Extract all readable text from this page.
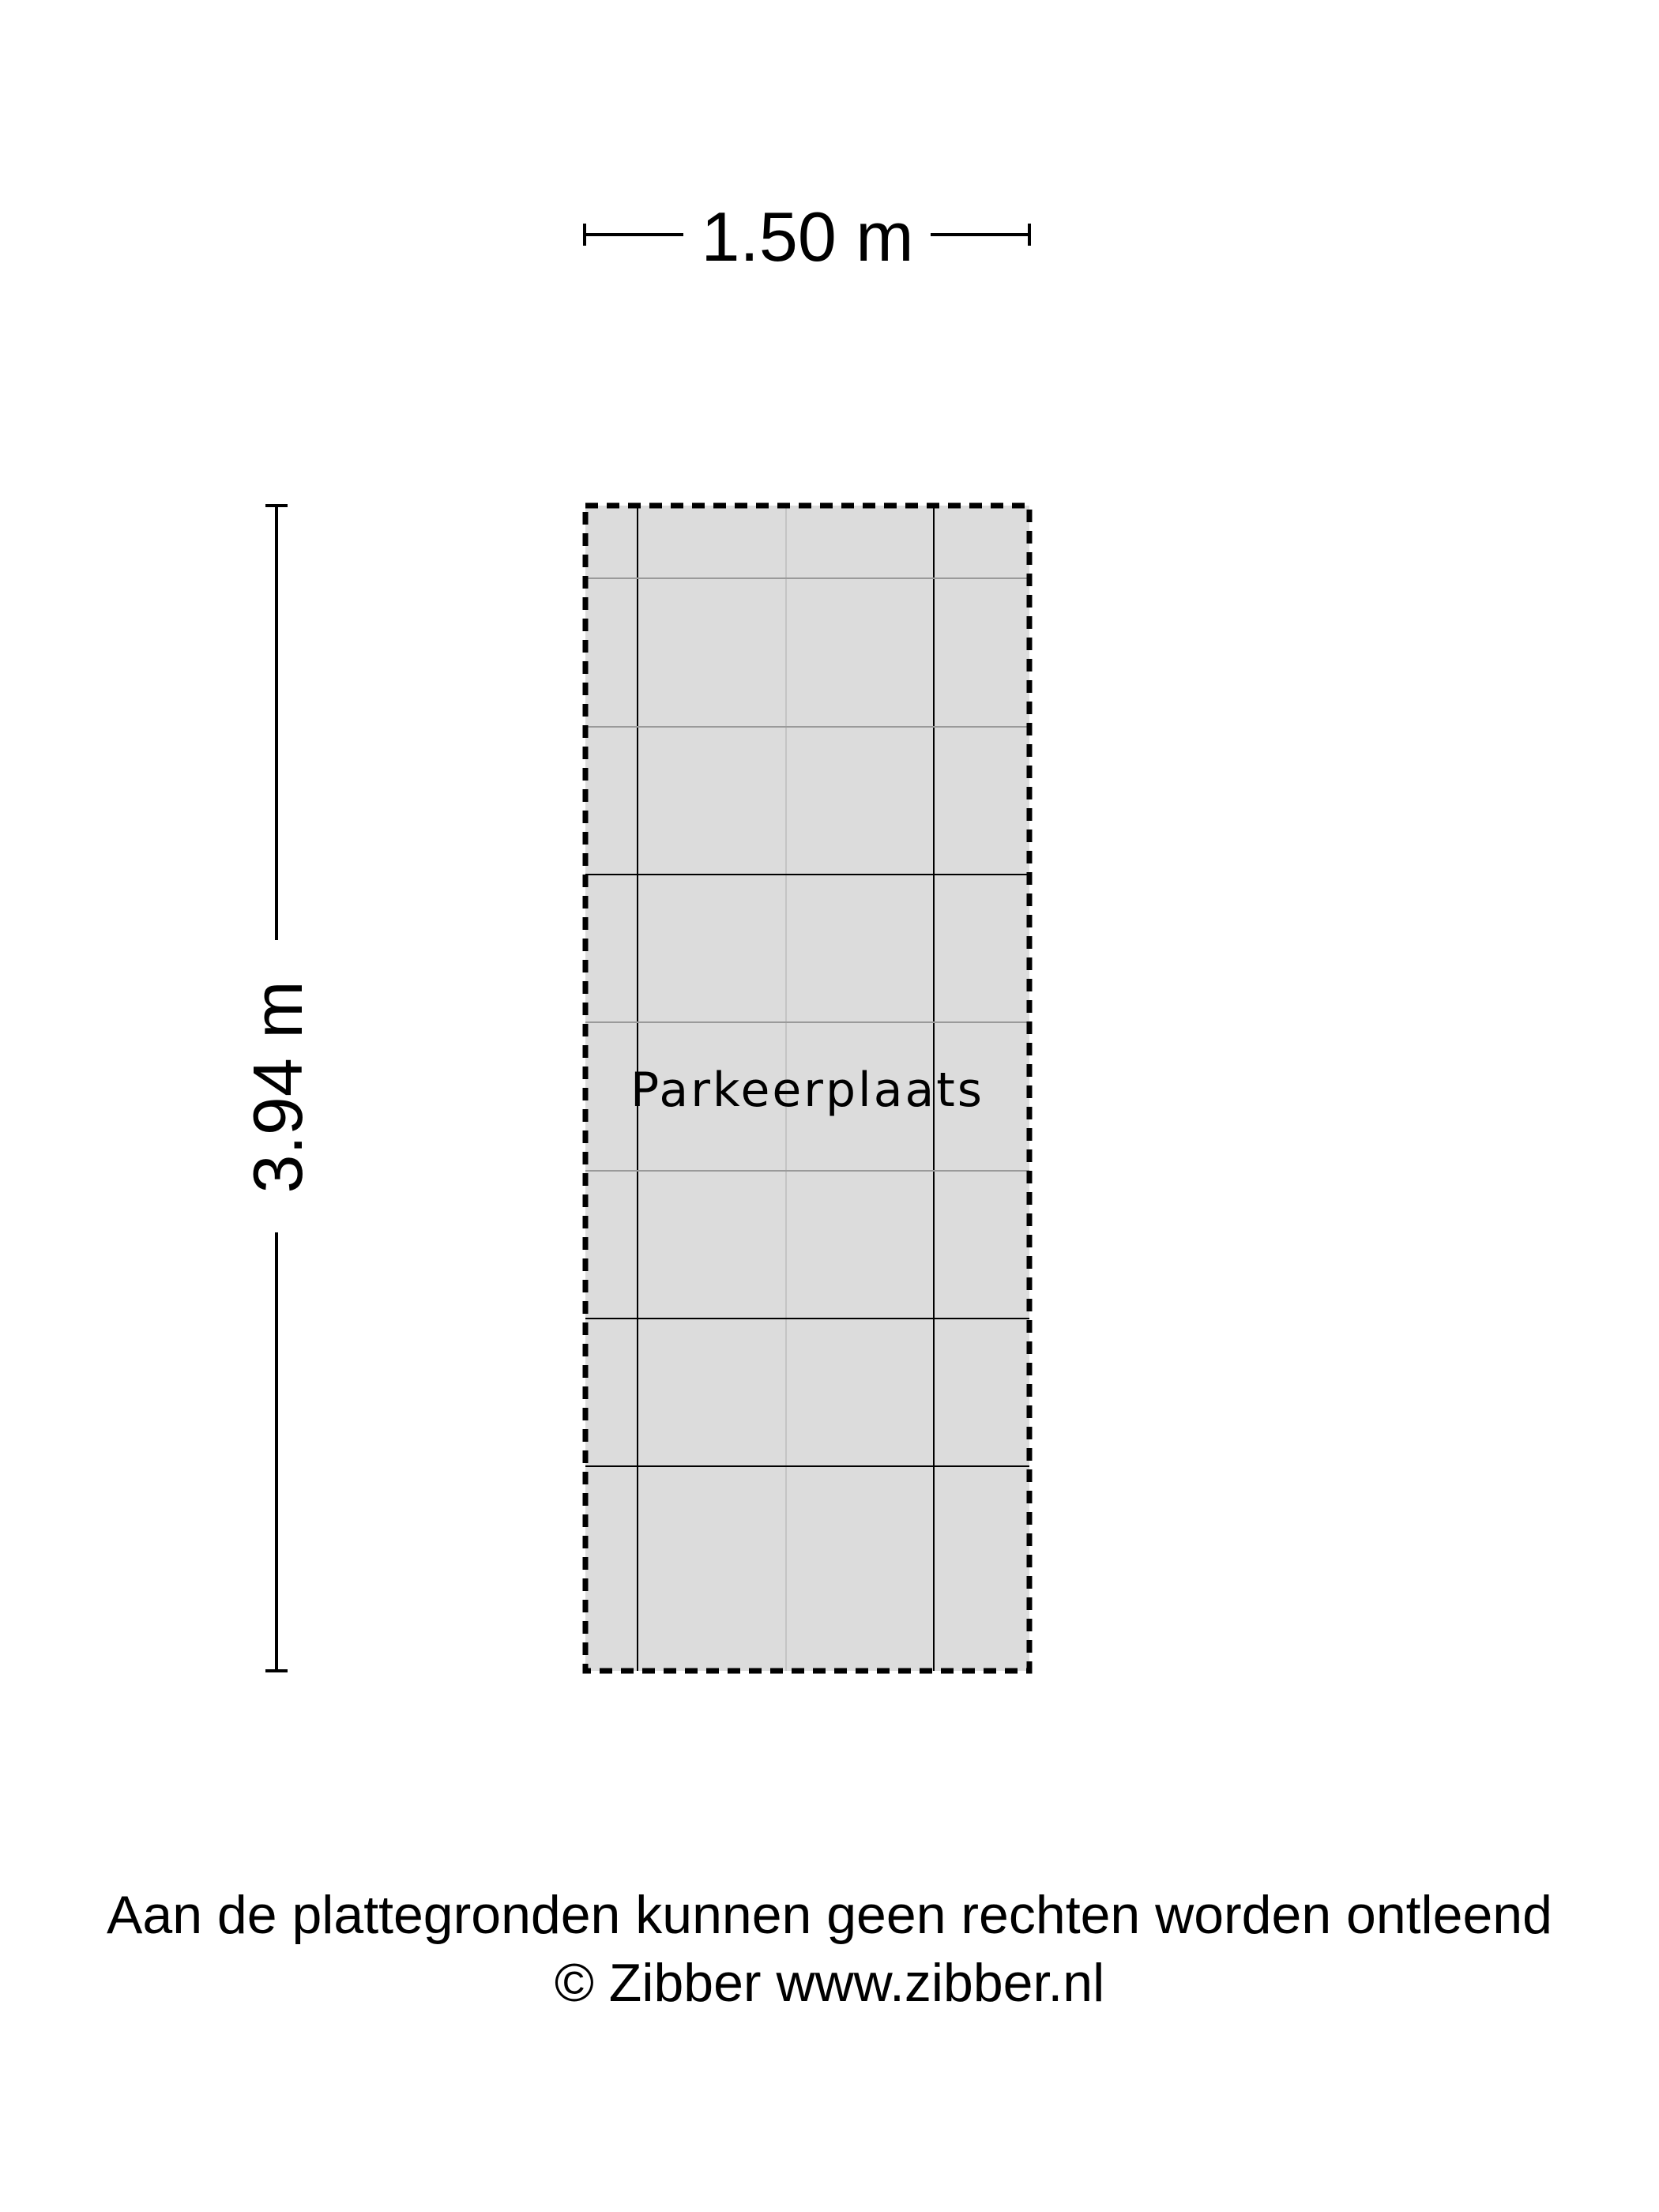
1.50 m
3.94 m	Parkeerplaats
Aan de plattegronden kunnen geen rechten worden ontleend
© Zibber www.zibber.nl
